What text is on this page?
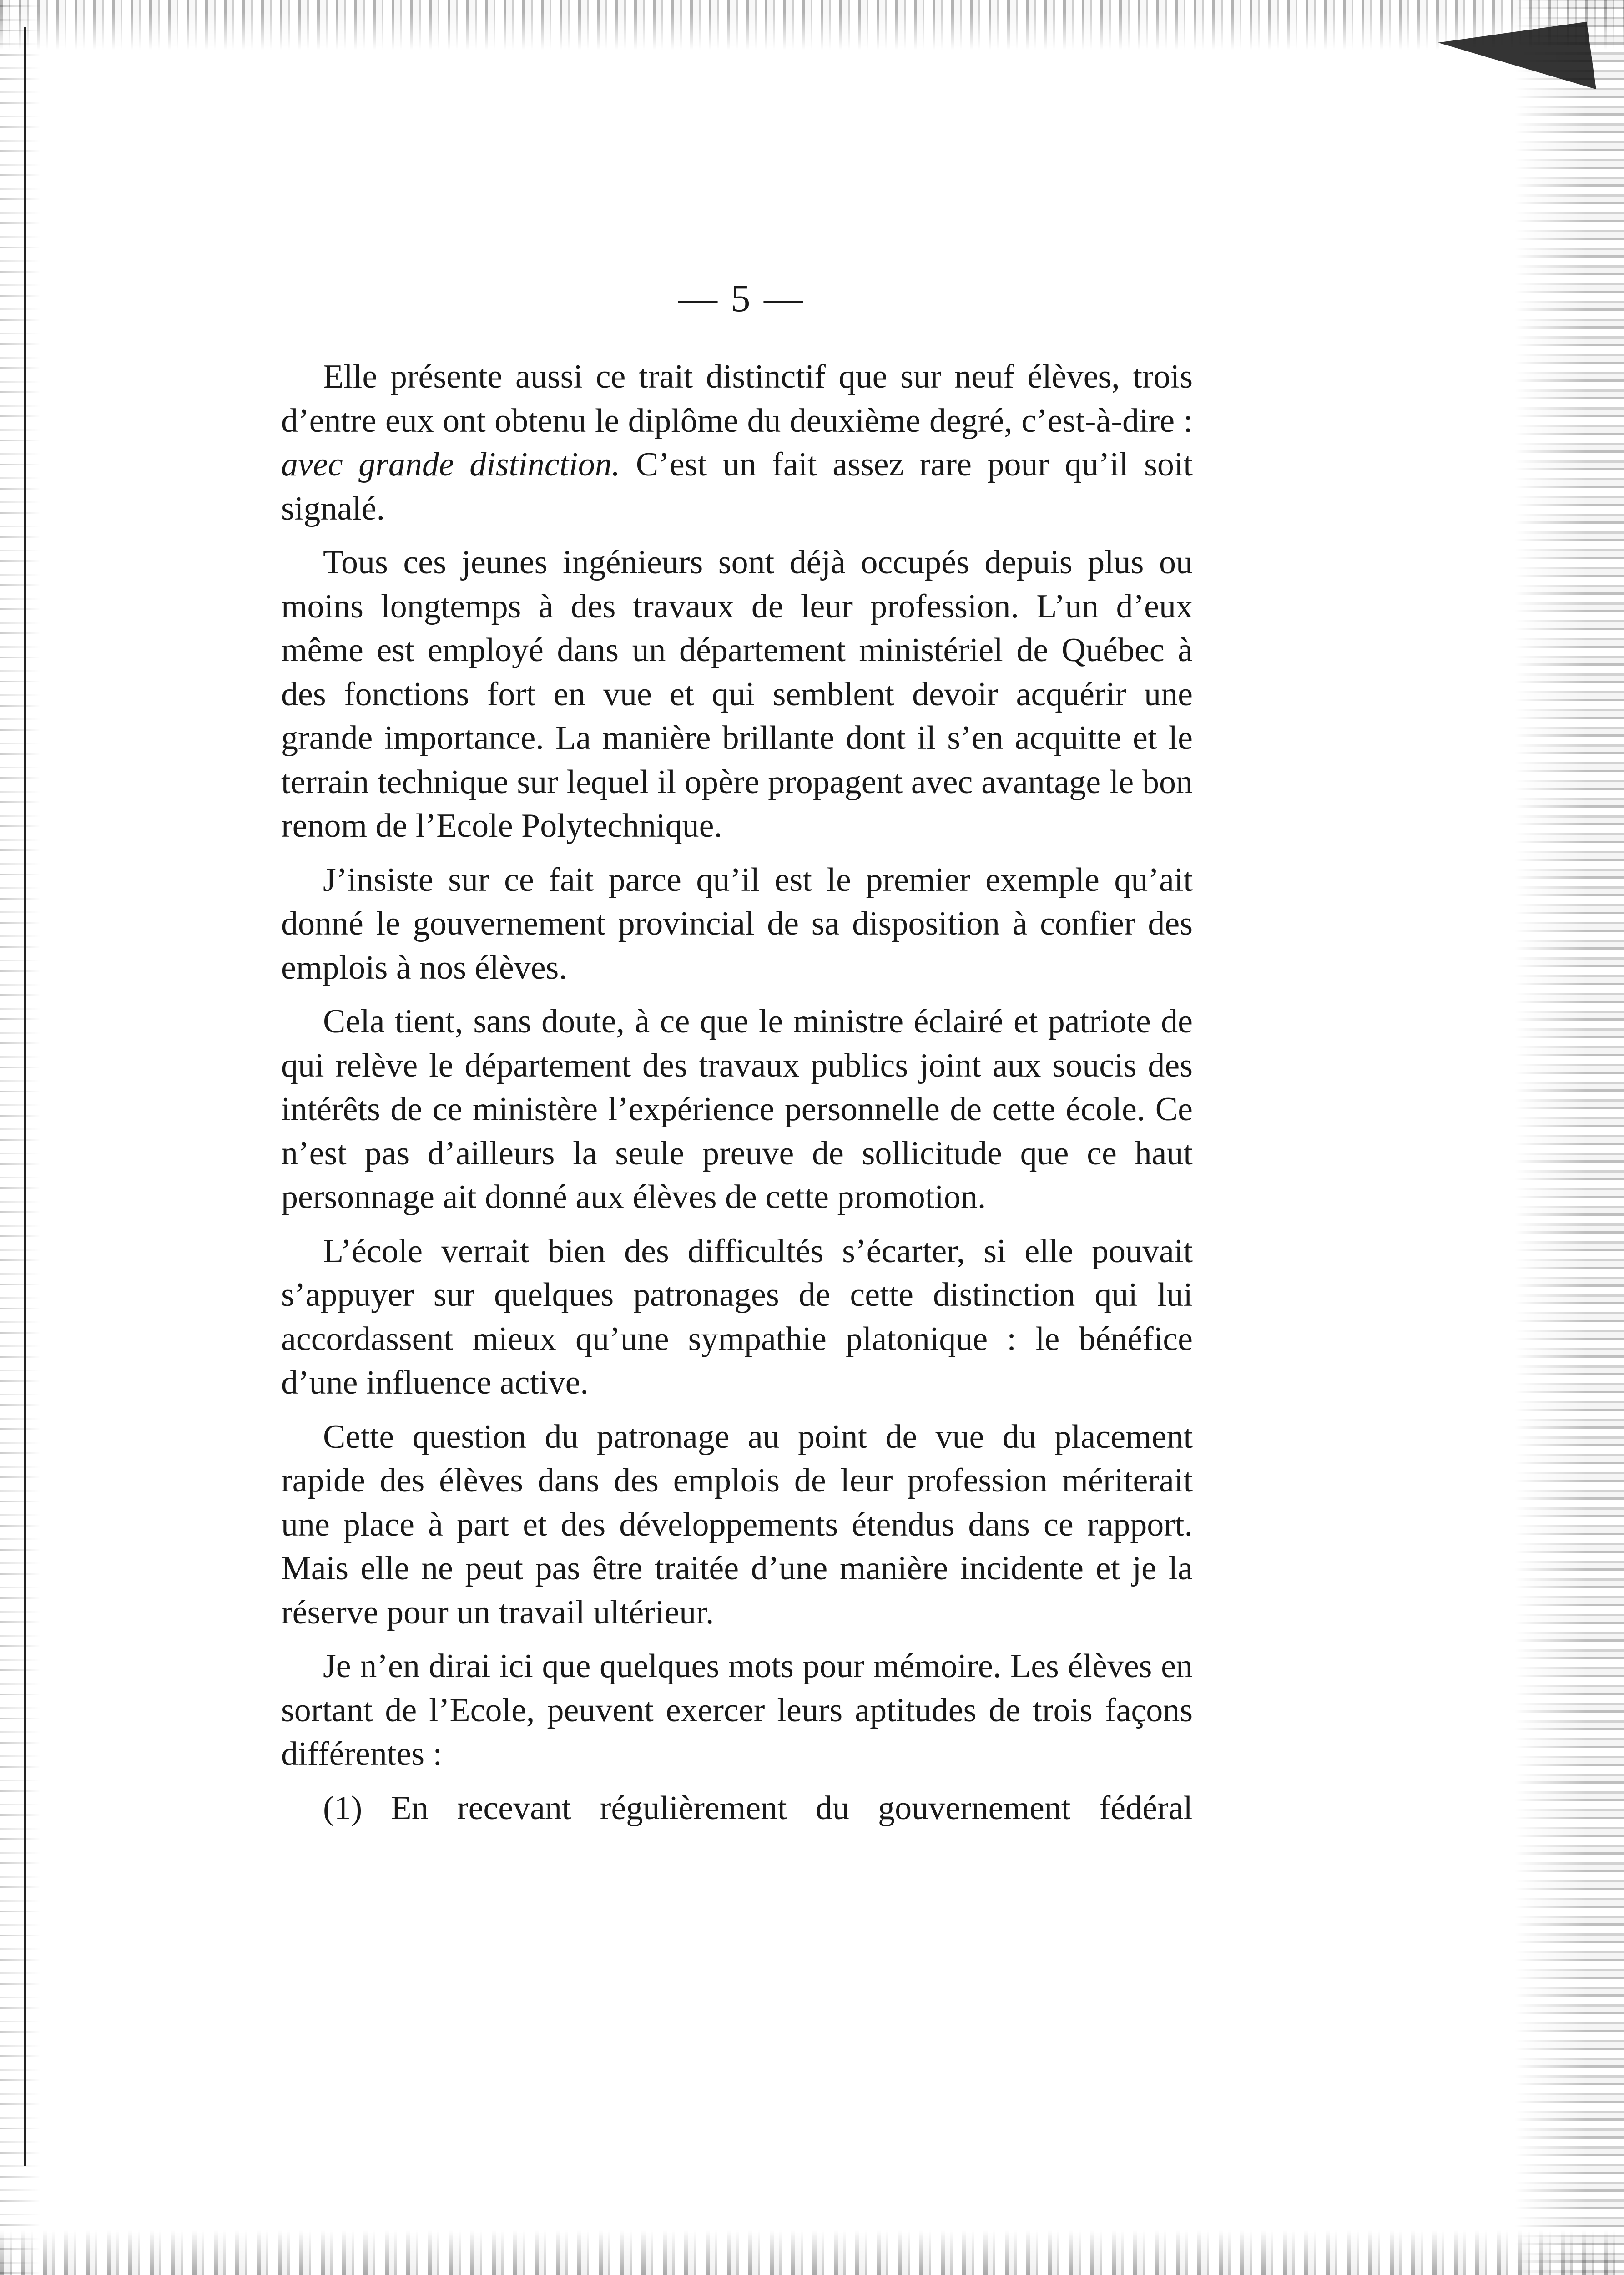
— 5 —

Elle présente aussi ce trait distinctif que sur neuf élèves, trois d’entre eux ont obtenu le diplôme du deuxième degré, c’est-à-dire : avec grande distinction. C’est un fait assez rare pour qu’il soit signalé.

Tous ces jeunes ingénieurs sont déjà occupés depuis plus ou moins longtemps à des travaux de leur profession. L’un d’eux même est employé dans un département ministériel de Québec à des fonctions fort en vue et qui semblent devoir acquérir une grande importance. La manière brillante dont il s’en acquitte et le terrain technique sur lequel il opère propagent avec avantage le bon renom de l’Ecole Polytechnique.

J’insiste sur ce fait parce qu’il est le premier exemple qu’ait donné le gouvernement provincial de sa disposition à confier des emplois à nos élèves.

Cela tient, sans doute, à ce que le ministre éclairé et patriote de qui relève le département des travaux publics joint aux soucis des intérêts de ce ministère l’expérience personnelle de cette école. Ce n’est pas d’ailleurs la seule preuve de sollicitude que ce haut personnage ait donné aux élèves de cette promotion.

L’école verrait bien des difficultés s’écarter, si elle pouvait s’appuyer sur quelques patronages de cette distinction qui lui accordassent mieux qu’une sympathie platonique : le bénéfice d’une influence active.

Cette question du patronage au point de vue du placement rapide des élèves dans des emplois de leur profession mériterait une place à part et des développements étendus dans ce rapport. Mais elle ne peut pas être traitée d’une manière incidente et je la réserve pour un travail ultérieur.

Je n’en dirai ici que quelques mots pour mémoire. Les élèves en sortant de l’Ecole, peuvent exercer leurs aptitudes de trois façons différentes :

(1) En recevant régulièrement du gouvernement fédéral
